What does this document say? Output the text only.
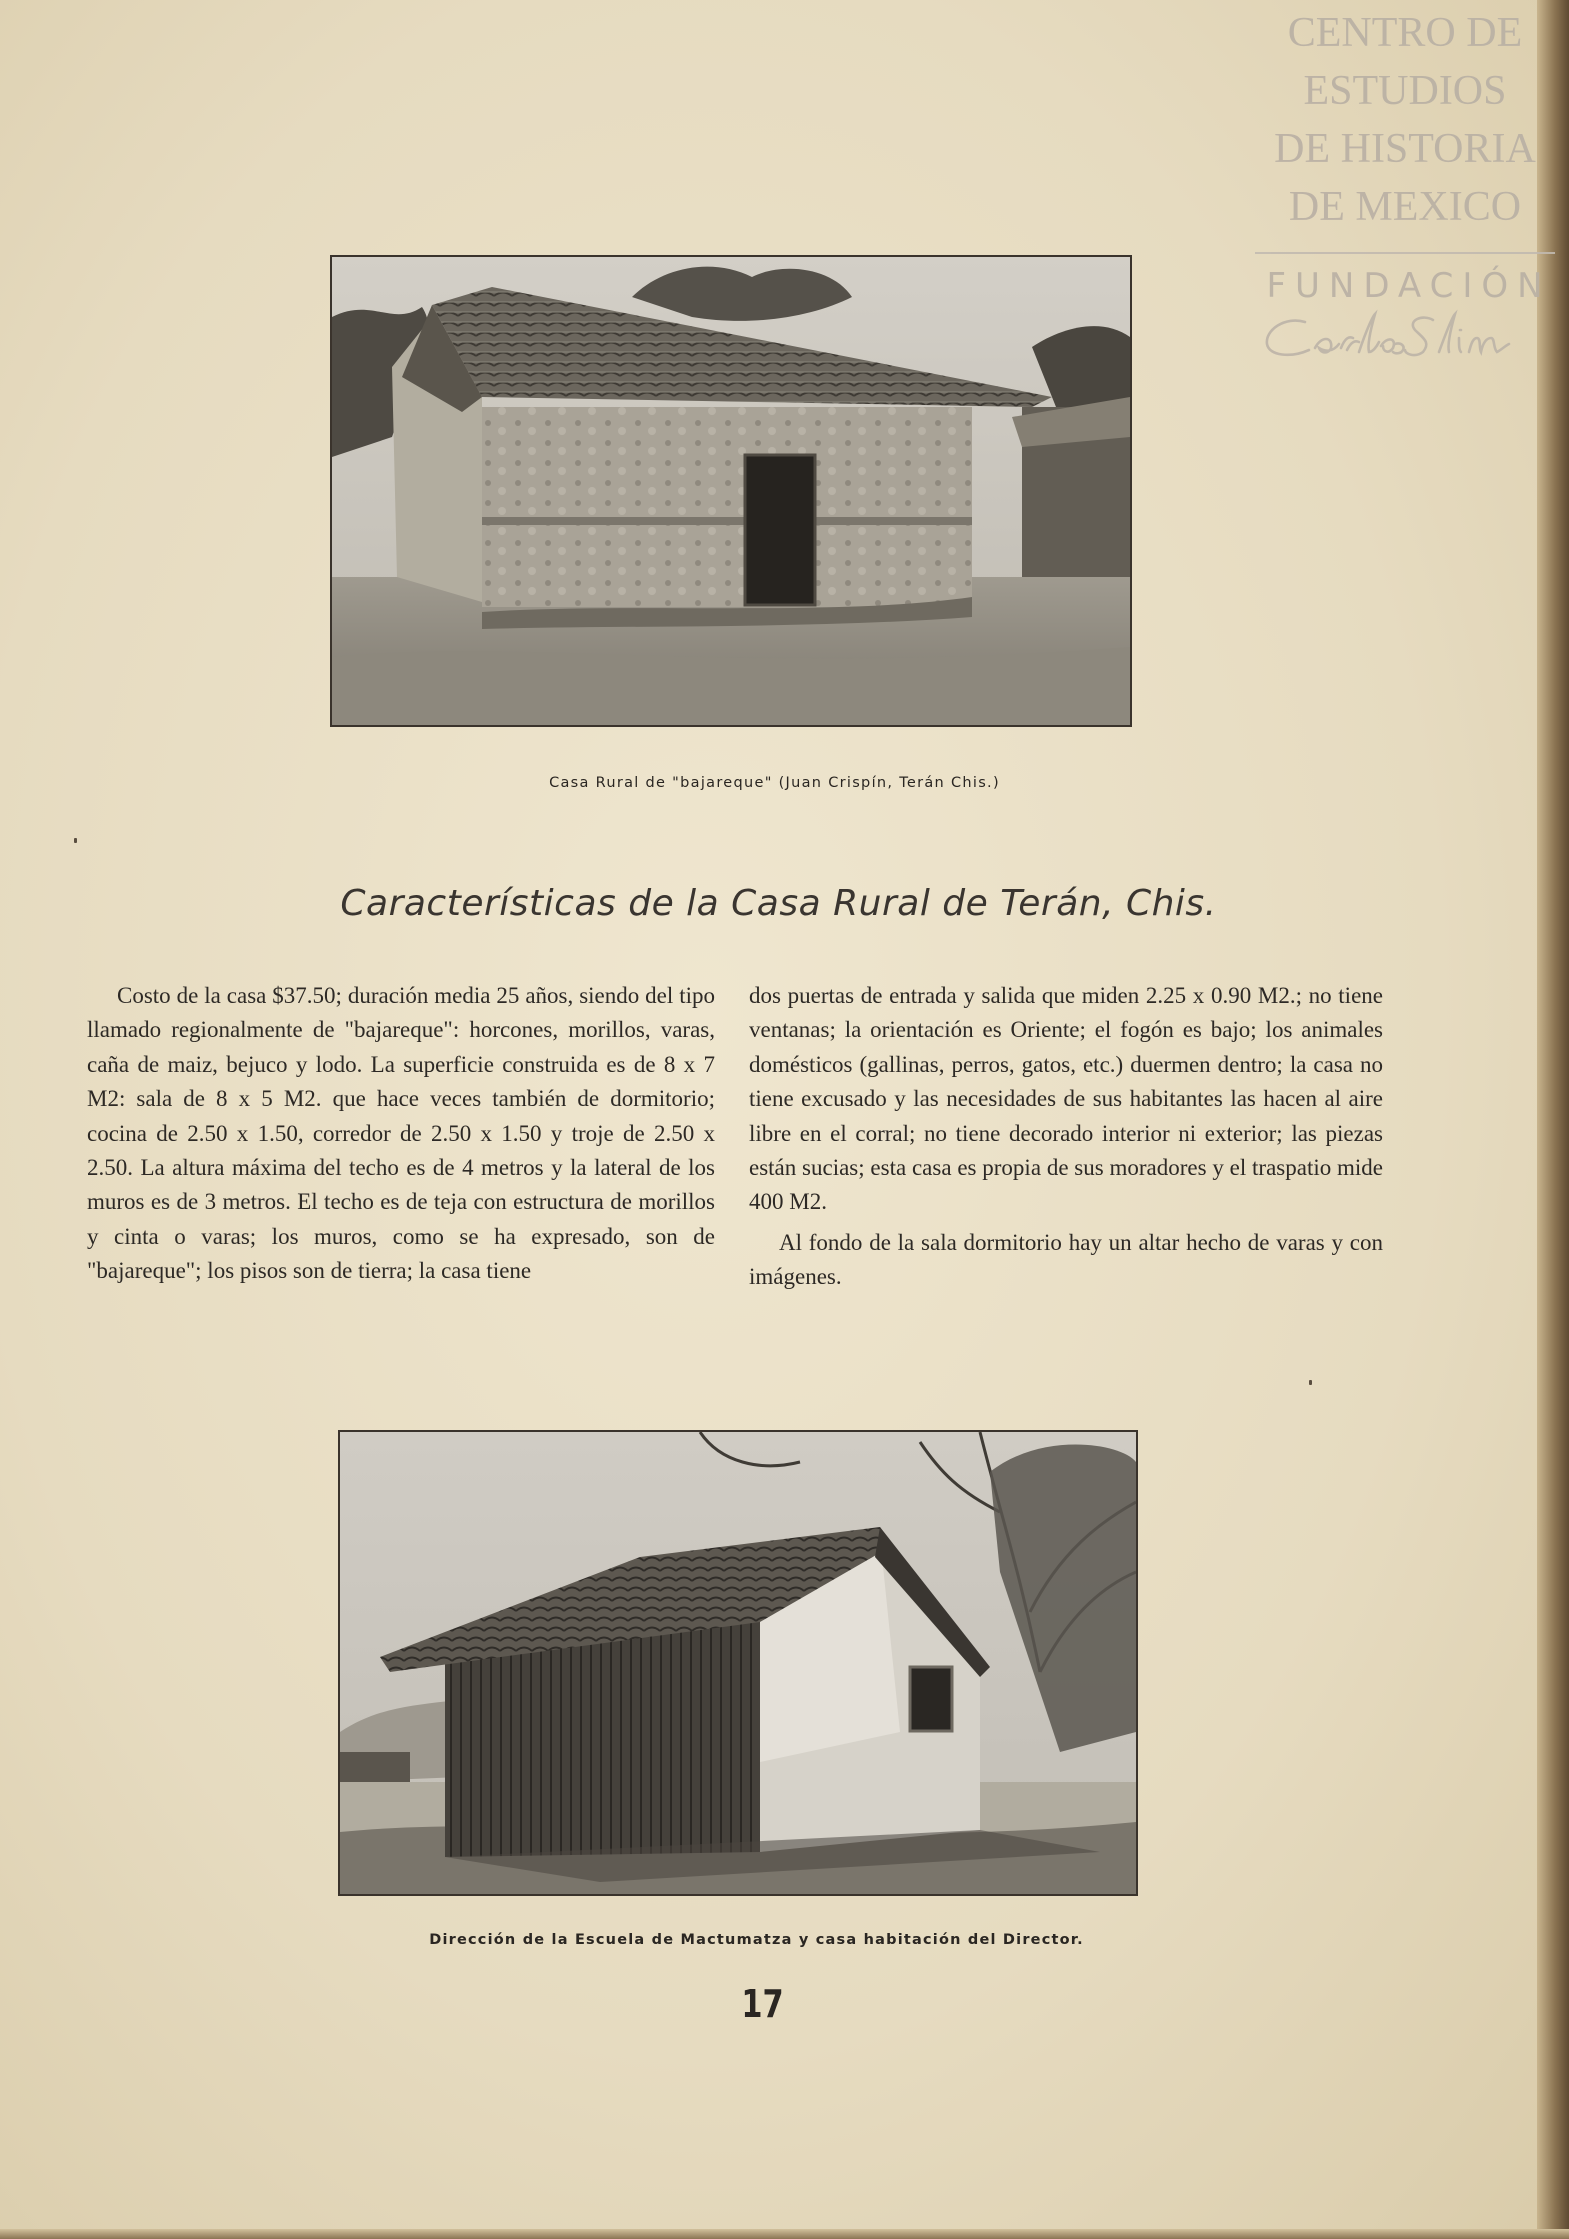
CENTRO DE
ESTUDIOS
DE HISTORIA
DE MEXICO
FUNDACIÓN
Casa Rural de "bajareque" (Juan Crispín, Terán Chis.)
Características de la Casa Rural de Terán, Chis.

Costo de la casa $37.50; duración media 25 años, siendo del tipo llamado regionalmente de "bajareque": horcones, morillos, varas, caña de maiz, bejuco y lodo. La superficie construida es de 8 x 7 M2: sala de 8 x 5 M2. que hace veces también de dormitorio; cocina de 2.50 x 1.50, corredor de 2.50 x 1.50 y troje de 2.50 x 2.50. La altura máxima del techo es de 4 metros y la lateral de los muros es de 3 metros. El techo es de teja con estructura de morillos y cinta o varas; los muros, como se ha expresado, son de "bajareque"; los pisos son de tierra; la casa tiene

dos puertas de entrada y salida que miden 2.25 x 0.90 M2.; no tiene ventanas; la orientación es Oriente; el fogón es bajo; los animales domésticos (gallinas, perros, gatos, etc.) duermen dentro; la casa no tiene excusado y las necesidades de sus habitantes las hacen al aire libre en el corral; no tiene decorado interior ni exterior; las piezas están sucias; esta casa es propia de sus moradores y el traspatio mide 400 M2.

Al fondo de la sala dormitorio hay un altar hecho de varas y con imágenes.

Dirección de la Escuela de Mactumatza y casa habitación del Director.
17
